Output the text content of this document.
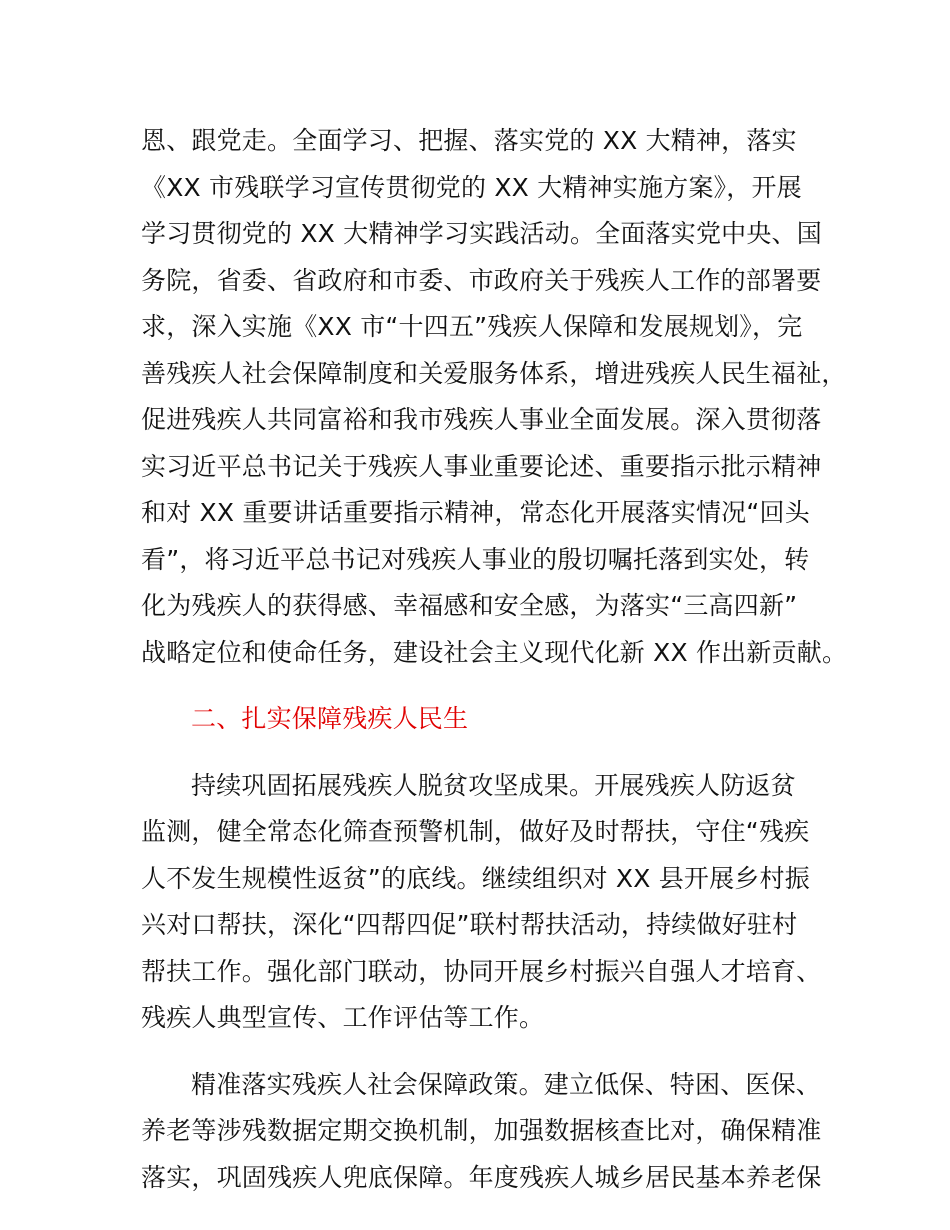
恩、跟党走。全面学习、把握、落实党的 XX 大精神，落实
《XX 市残联学习宣传贯彻党的 XX 大精神实施方案》，开展
学习贯彻党的 XX 大精神学习实践活动。全面落实党中央、国
务院，省委、省政府和市委、市政府关于残疾人工作的部署要
求，深入实施《XX 市“十四五”残疾人保障和发展规划》，完
善残疾人社会保障制度和关爱服务体系，增进残疾人民生福祉，
促进残疾人共同富裕和我市残疾人事业全面发展。深入贯彻落
实习近平总书记关于残疾人事业重要论述、重要指示批示精神
和对 XX 重要讲话重要指示精神，常态化开展落实情况“回头
看”，将习近平总书记对残疾人事业的殷切嘱托落到实处，转
化为残疾人的获得感、幸福感和安全感，为落实“三高四新”
战略定位和使命任务，建设社会主义现代化新 XX 作出新贡献。

二、扎实保障残疾人民生

持续巩固拓展残疾人脱贫攻坚成果。开展残疾人防返贫
监测，健全常态化筛查预警机制，做好及时帮扶，守住“残疾
人不发生规模性返贫”的底线。继续组织对 XX 县开展乡村振
兴对口帮扶，深化“四帮四促”联村帮扶活动，持续做好驻村
帮扶工作。强化部门联动，协同开展乡村振兴自强人才培育、
残疾人典型宣传、工作评估等工作。

精准落实残疾人社会保障政策。建立低保、特困、医保、
养老等涉残数据定期交换机制，加强数据核查比对，确保精准
落实，巩固残疾人兜底保障。年度残疾人城乡居民基本养老保
